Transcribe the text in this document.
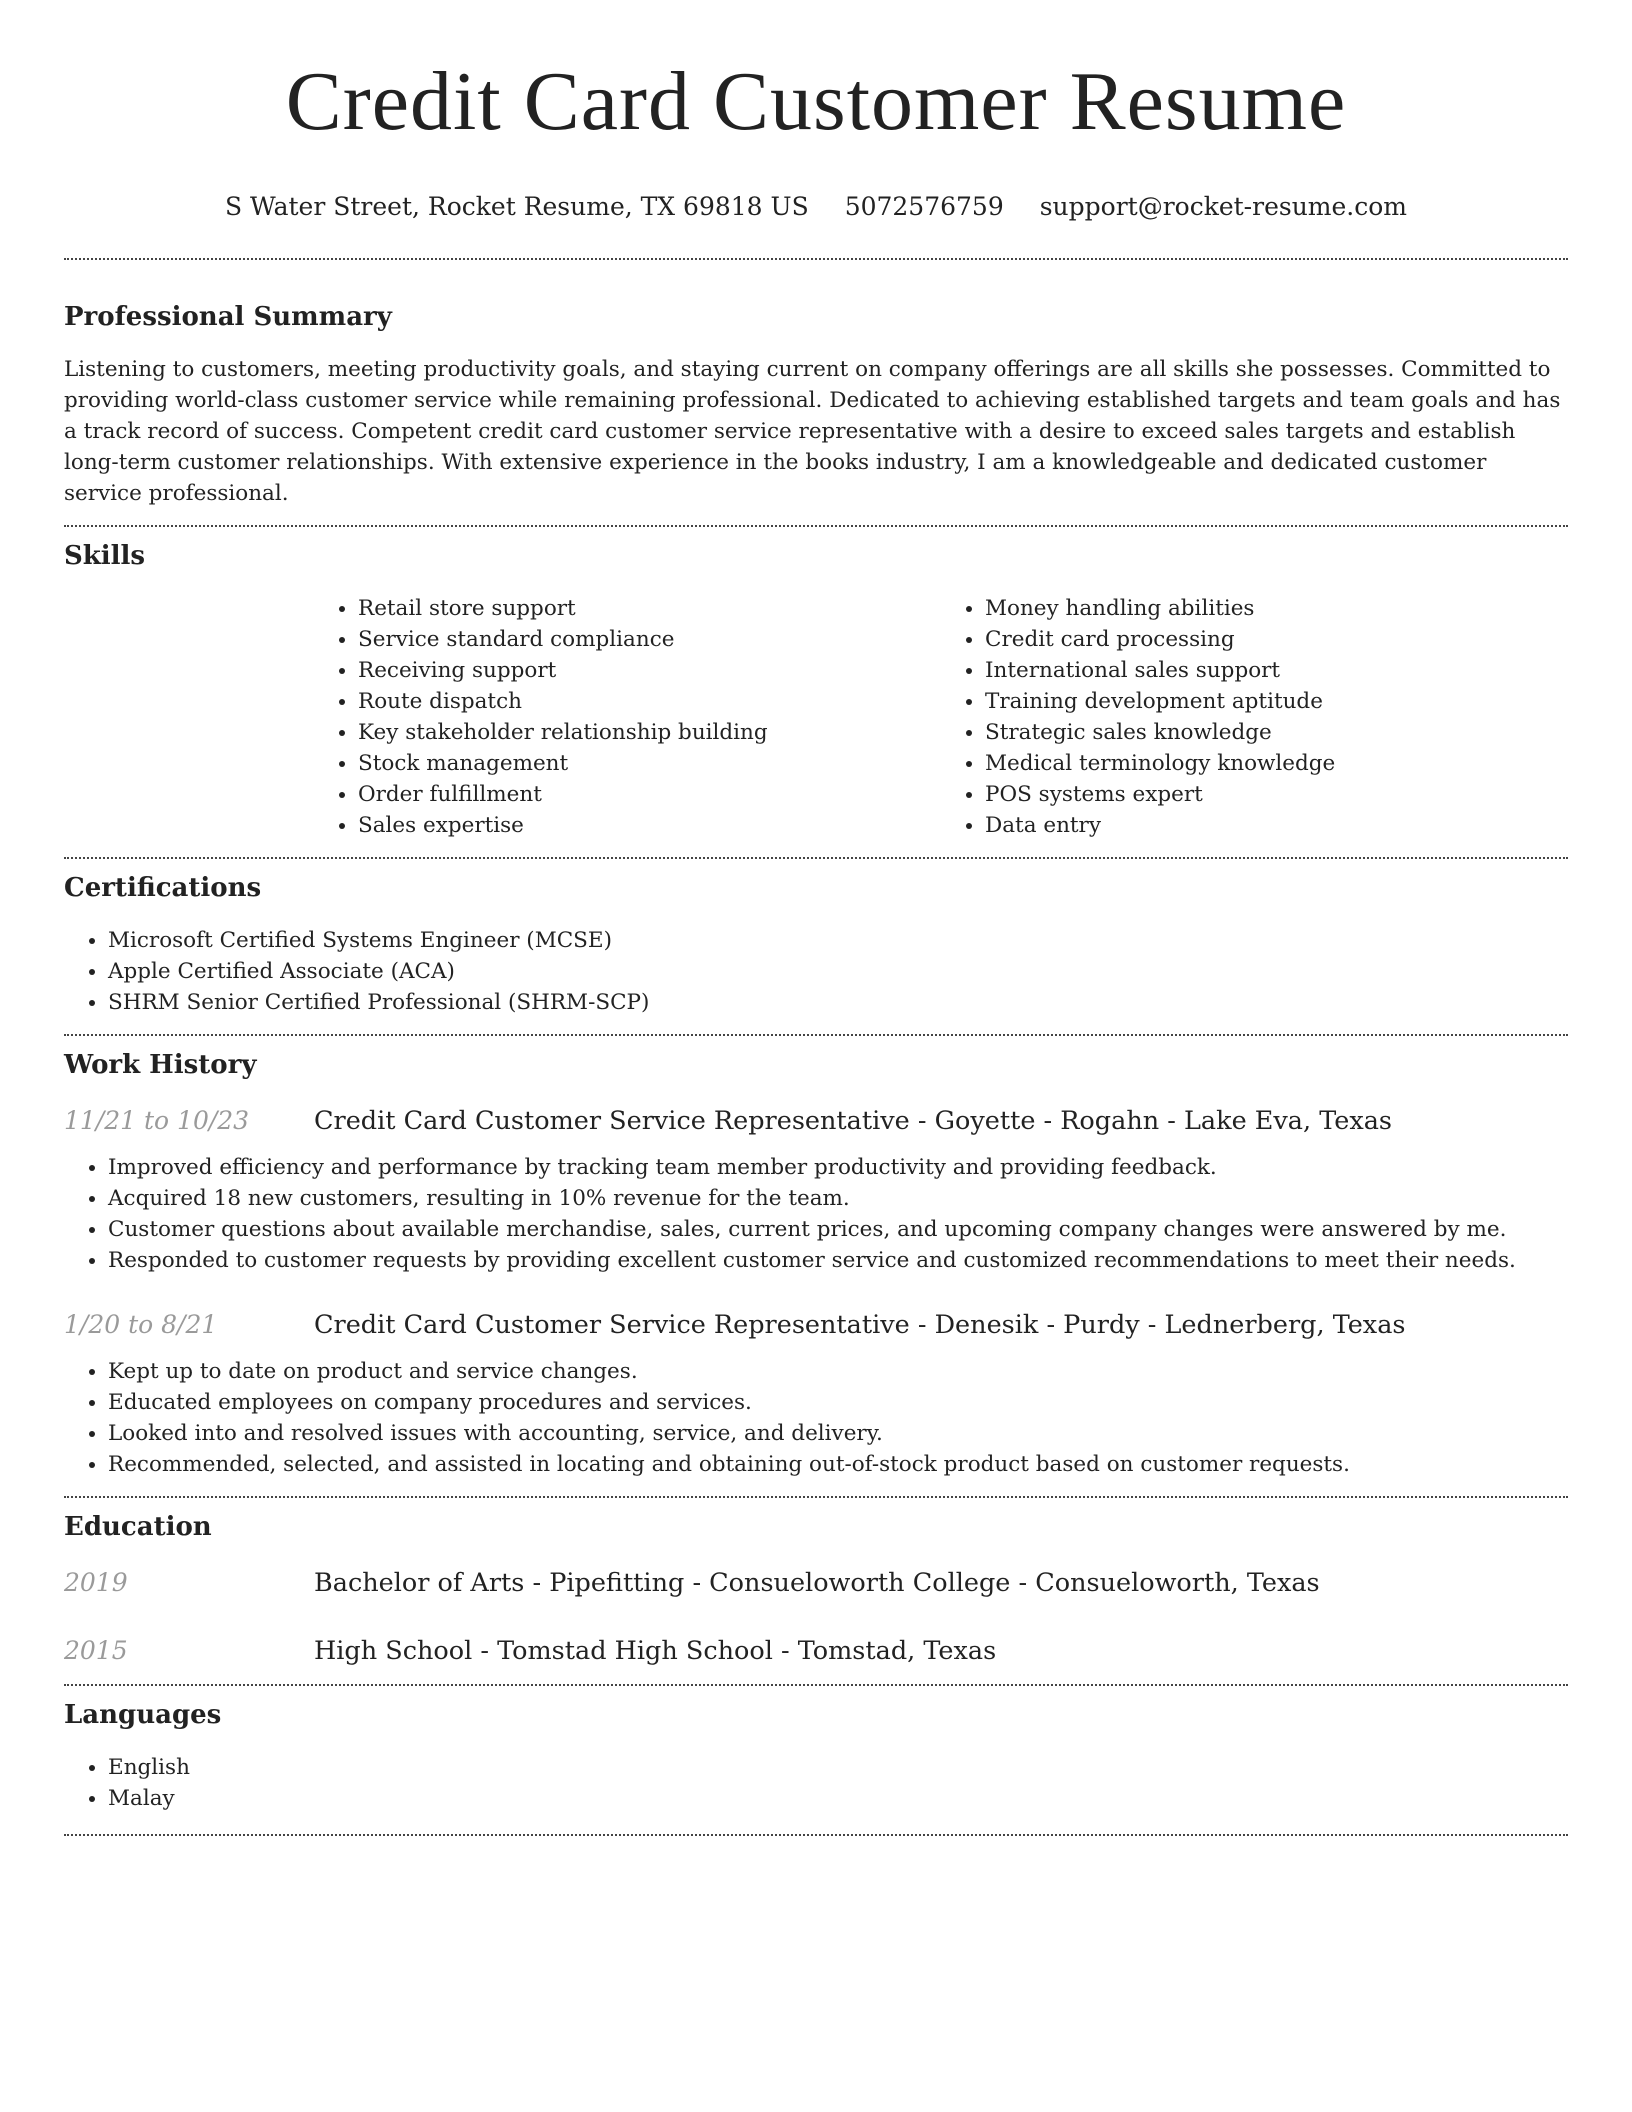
Credit Card Customer Resume
S Water Street, Rocket Resume, TX 69818 US 5072576759 support@rocket-resume.com
Professional Summary

Listening to customers, meeting productivity goals, and staying current on company offerings are all skills she possesses. Committed to providing world-class customer service while remaining professional. Dedicated to achieving established targets and team goals and has a track record of success. Competent credit card customer service representative with a desire to exceed sales targets and establish long-term customer relationships. With extensive experience in the books industry, I am a knowledgeable and dedicated customer service professional.

Skills
• Retail store support
• Service standard compliance
• Receiving support
• Route dispatch
• Key stakeholder relationship building
• Stock management
• Order fulfillment
• Sales expertise
• Money handling abilities
• Credit card processing
• International sales support
• Training development aptitude
• Strategic sales knowledge
• Medical terminology knowledge
• POS systems expert
• Data entry
Certifications
• Microsoft Certified Systems Engineer (MCSE)
• Apple Certified Associate (ACA)
• SHRM Senior Certified Professional (SHRM-SCP)
Work History
11/21 to 10/23	Credit Card Customer Service Representative - Goyette - Rogahn - Lake Eva, Texas
• Improved efficiency and performance by tracking team member productivity and providing feedback.
• Acquired 18 new customers, resulting in 10% revenue for the team.
• Customer questions about available merchandise, sales, current prices, and upcoming company changes were answered by me.
• Responded to customer requests by providing excellent customer service and customized recommendations to meet their needs.
1/20 to 8/21	Credit Card Customer Service Representative - Denesik - Purdy - Lednerberg, Texas
• Kept up to date on product and service changes.
• Educated employees on company procedures and services.
• Looked into and resolved issues with accounting, service, and delivery.
• Recommended, selected, and assisted in locating and obtaining out-of-stock product based on customer requests.
Education
2019	Bachelor of Arts - Pipefitting - Consueloworth College - Consueloworth, Texas
2015	High School - Tomstad High School - Tomstad, Texas
Languages
• English
• Malay
